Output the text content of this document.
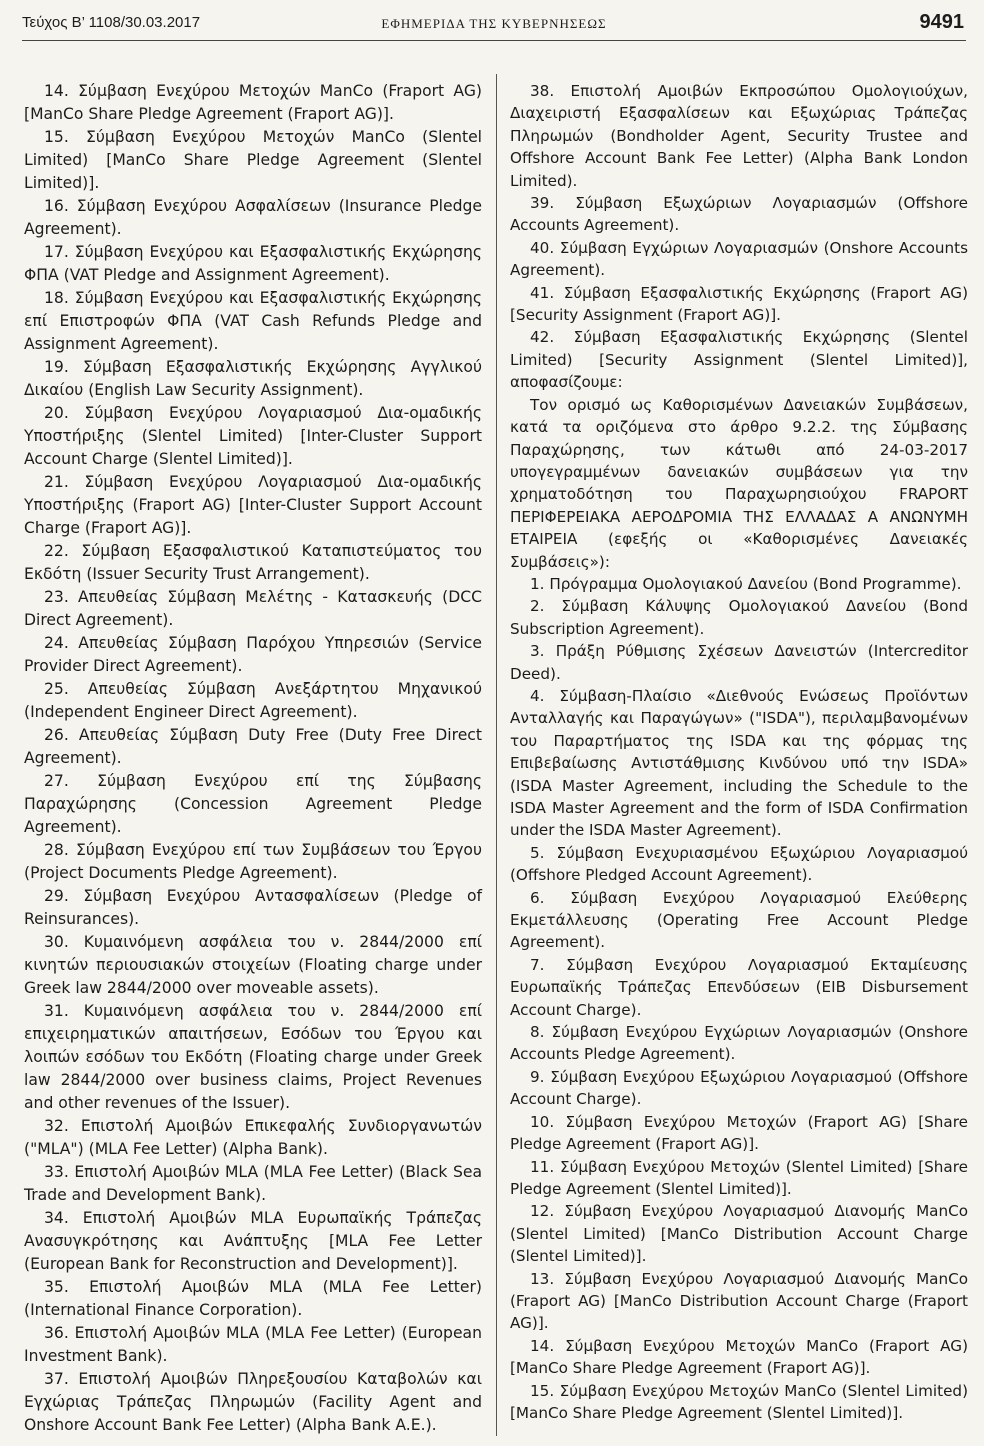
Τεύχος Β’ 1108/30.03.2017	ΕΦΗΜΕΡΙΔΑ ΤΗΣ ΚΥΒΕΡΝΗΣΕΩΣ	9491

14. Σύμβαση Ενεχύρου Μετοχών ManCo (Fraport AG) [ManCo Share Pledge Agreement (Fraport AG)].

15. Σύμβαση Ενεχύρου Μετοχών ManCo (Slentel Limited) [ManCo Share Pledge Agreement (Slentel Limited)].

16. Σύμβαση Ενεχύρου Ασφαλίσεων (Insurance Pledge Agreement).

17. Σύμβαση Ενεχύρου και Εξασφαλιστικής Εκχώρησης ΦΠΑ (VAT Pledge and Assignment Agreement).

18. Σύμβαση Ενεχύρου και Εξασφαλιστικής Εκχώρησης επί Επιστροφών ΦΠΑ (VAT Cash Refunds Pledge and Assignment Agreement).

19. Σύμβαση Εξασφαλιστικής Εκχώρησης Αγγλικού Δικαίου (English Law Security Assignment).

20. Σύμβαση Ενεχύρου Λογαριασμού Δια-ομαδικής Υποστήριξης (Slentel Limited) [Inter-Cluster Support Account Charge (Slentel Limited)].

21. Σύμβαση Ενεχύρου Λογαριασμού Δια-ομαδικής Υποστήριξης (Fraport AG) [Inter-Cluster Support Account Charge (Fraport AG)].

22. Σύμβαση Εξασφαλιστικού Καταπιστεύματος του Εκδότη (Issuer Security Trust Arrangement).

23. Απευθείας Σύμβαση Μελέτης - Κατασκευής (DCC Direct Agreement).

24. Απευθείας Σύμβαση Παρόχου Υπηρεσιών (Service Provider Direct Agreement).

25. Απευθείας Σύμβαση Ανεξάρτητου Μηχανικού (Independent Engineer Direct Agreement).

26. Απευθείας Σύμβαση Duty Free (Duty Free Direct Agreement).

27. Σύμβαση Ενεχύρου επί της Σύμβασης Παραχώρησης (Concession Agreement Pledge Agreement).

28. Σύμβαση Ενεχύρου επί των Συμβάσεων του Έργου (Project Documents Pledge Agreement).

29. Σύμβαση Ενεχύρου Αντασφαλίσεων (Pledge of Reinsurances).

30. Κυμαινόμενη ασφάλεια του ν. 2844/2000 επί κινητών περιουσιακών στοιχείων (Floating charge under Greek law 2844/2000 over moveable assets).

31. Κυμαινόμενη ασφάλεια του ν. 2844/2000 επί επιχειρηματικών απαιτήσεων, Εσόδων του Έργου και λοιπών εσόδων του Εκδότη (Floating charge under Greek law 2844/2000 over business claims, Project Revenues and other revenues of the Issuer).

32. Επιστολή Αμοιβών Επικεφαλής Συνδιοργανωτών ("MLA") (MLA Fee Letter) (Alpha Bank).

33. Επιστολή Αμοιβών MLA (MLA Fee Letter) (Black Sea Trade and Development Bank).

34. Επιστολή Αμοιβών MLA Ευρωπαϊκής Τράπεζας Ανασυγκρότησης και Ανάπτυξης [MLA Fee Letter (European Bank for Reconstruction and Development)].

35. Επιστολή Αμοιβών MLA (MLA Fee Letter) (International Finance Corporation).

36. Επιστολή Αμοιβών MLA (MLA Fee Letter) (European Investment Bank).

37. Επιστολή Αμοιβών Πληρεξουσίου Καταβολών και Εγχώριας Τράπεζας Πληρωμών (Facility Agent and Onshore Account Bank Fee Letter) (Alpha Bank A.E.).

38. Επιστολή Αμοιβών Εκπροσώπου Ομολογιούχων, Διαχειριστή Εξασφαλίσεων και Εξωχώριας Τράπεζας Πληρωμών (Bondholder Agent, Security Trustee and Offshore Account Bank Fee Letter) (Alpha Bank London Limited).

39. Σύμβαση Εξωχώριων Λογαριασμών (Offshore Accounts Agreement).

40. Σύμβαση Εγχώριων Λογαριασμών (Onshore Accounts Agreement).

41. Σύμβαση Εξασφαλιστικής Εκχώρησης (Fraport AG) [Security Assignment (Fraport AG)].

42. Σύμβαση Εξασφαλιστικής Εκχώρησης (Slentel Limited) [Security Assignment (Slentel Limited)], αποφασίζουμε:

Τον ορισμό ως Καθορισμένων Δανειακών Συμβάσεων, κατά τα οριζόμενα στο άρθρο 9.2.2. της Σύμβασης Παραχώρησης, των κάτωθι από 24-03-2017 υπογεγραμμένων δανειακών συμβάσεων για την χρηματοδότηση του Παραχωρησιούχου FRAPORT ΠΕΡΙΦΕΡΕΙΑΚΑ ΑΕΡΟΔΡΟΜΙΑ ΤΗΣ ΕΛΛΑΔΑΣ Α ΑΝΩΝΥΜΗ ΕΤΑΙΡΕΙΑ (εφεξής οι «Καθορισμένες Δανειακές Συμβάσεις»):

1. Πρόγραμμα Ομολογιακού Δανείου (Bond Programme).

2. Σύμβαση Κάλυψης Ομολογιακού Δανείου (Bond Subscription Agreement).

3. Πράξη Ρύθμισης Σχέσεων Δανειστών (Intercreditor Deed).

4. Σύμβαση-Πλαίσιο «Διεθνούς Ενώσεως Προϊόντων Ανταλλαγής και Παραγώγων» ("ISDA"), περιλαμβανομένων του Παραρτήματος της ISDA και της φόρμας της Επιβεβαίωσης Αντιστάθμισης Κινδύνου υπό την ISDA» (ISDA Master Agreement, including the Schedule to the ISDA Master Agreement and the form of ISDA Confirmation under the ISDA Master Agreement).

5. Σύμβαση Ενεχυριασμένου Εξωχώριου Λογαριασμού (Offshore Pledged Account Agreement).

6. Σύμβαση Ενεχύρου Λογαριασμού Ελεύθερης Εκμετάλλευσης (Operating Free Account Pledge Agreement).

7. Σύμβαση Ενεχύρου Λογαριασμού Εκταμίευσης Ευρωπαϊκής Τράπεζας Επενδύσεων (EIB Disbursement Account Charge).

8. Σύμβαση Ενεχύρου Εγχώριων Λογαριασμών (Onshore Accounts Pledge Agreement).

9. Σύμβαση Ενεχύρου Εξωχώριου Λογαριασμού (Offshore Account Charge).

10. Σύμβαση Ενεχύρου Μετοχών (Fraport AG) [Share Pledge Agreement (Fraport AG)].

11. Σύμβαση Ενεχύρου Μετοχών (Slentel Limited) [Share Pledge Agreement (Slentel Limited)].

12. Σύμβαση Ενεχύρου Λογαριασμού Διανομής ManCo (Slentel Limited) [ManCo Distribution Account Charge (Slentel Limited)].

13. Σύμβαση Ενεχύρου Λογαριασμού Διανομής ManCo (Fraport AG) [ManCo Distribution Account Charge (Fraport AG)].

14. Σύμβαση Ενεχύρου Μετοχών ManCo (Fraport AG) [ManCo Share Pledge Agreement (Fraport AG)].

15. Σύμβαση Ενεχύρου Μετοχών ManCo (Slentel Limited) [ManCo Share Pledge Agreement (Slentel Limited)].
